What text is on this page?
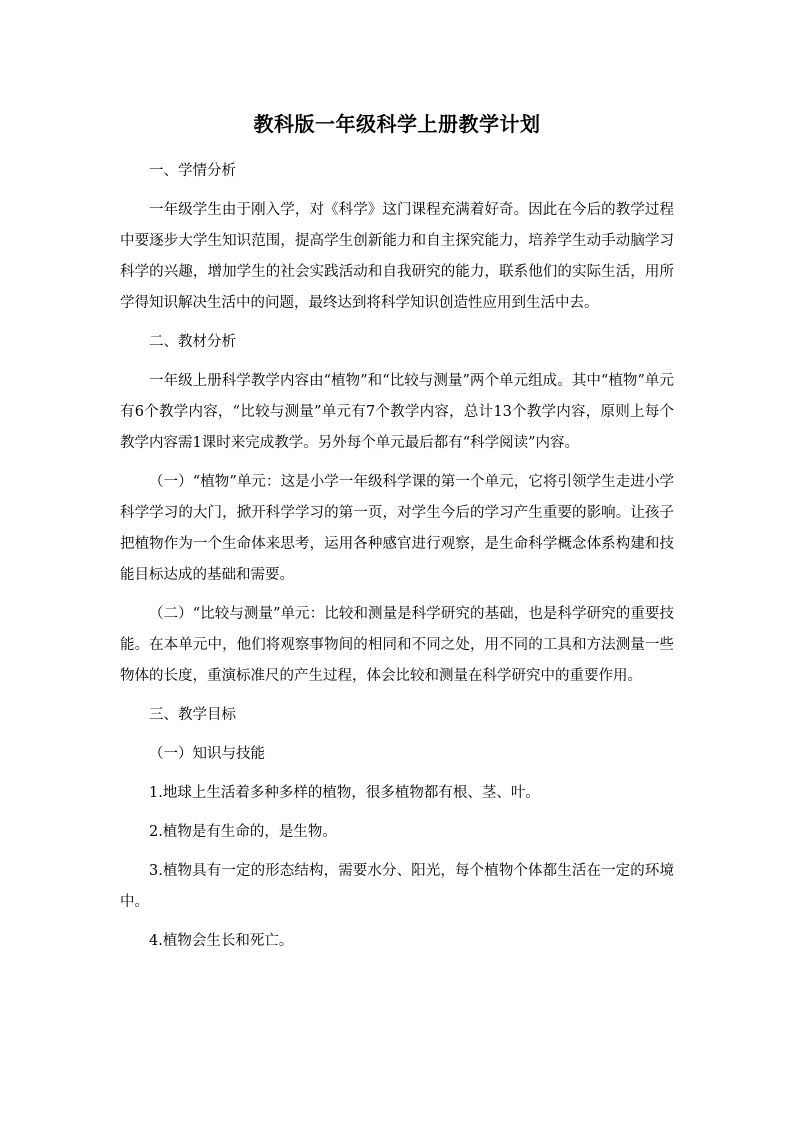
教科版一年级科学上册教学计划

一、学情分析

一年级学生由于刚入学，对《科学》这门课程充满着好奇。因此在今后的教学过程中要逐步大学生知识范围，提高学生创新能力和自主探究能力，培养学生动手动脑学习科学的兴趣，增加学生的社会实践活动和自我研究的能力，联系他们的实际生活，用所学得知识解决生活中的问题，最终达到将科学知识创造性应用到生活中去。

二、教材分析

一年级上册科学教学内容由“植物”和“比较与测量”两个单元组成。其中“植物”单元有6个教学内容，“比较与测量”单元有7个教学内容，总计13个教学内容，原则上每个教学内容需1课时来完成教学。另外每个单元最后都有“科学阅读”内容。

（一）“植物”单元：这是小学一年级科学课的第一个单元，它将引领学生走进小学科学学习的大门，掀开科学学习的第一页，对学生今后的学习产生重要的影响。让孩子把植物作为一个生命体来思考，运用各种感官进行观察，是生命科学概念体系构建和技能目标达成的基础和需要。

（二）“比较与测量”单元：比较和测量是科学研究的基础，也是科学研究的重要技能。在本单元中，他们将观察事物间的相同和不同之处，用不同的工具和方法测量一些物体的长度，重演标准尺的产生过程，体会比较和测量在科学研究中的重要作用。

三、教学目标

（一）知识与技能

1.地球上生活着多种多样的植物，很多植物都有根、茎、叶。

2.植物是有生命的，是生物。

3.植物具有一定的形态结构，需要水分、阳光，每个植物个体都生活在一定的环境中。

4.植物会生长和死亡。
